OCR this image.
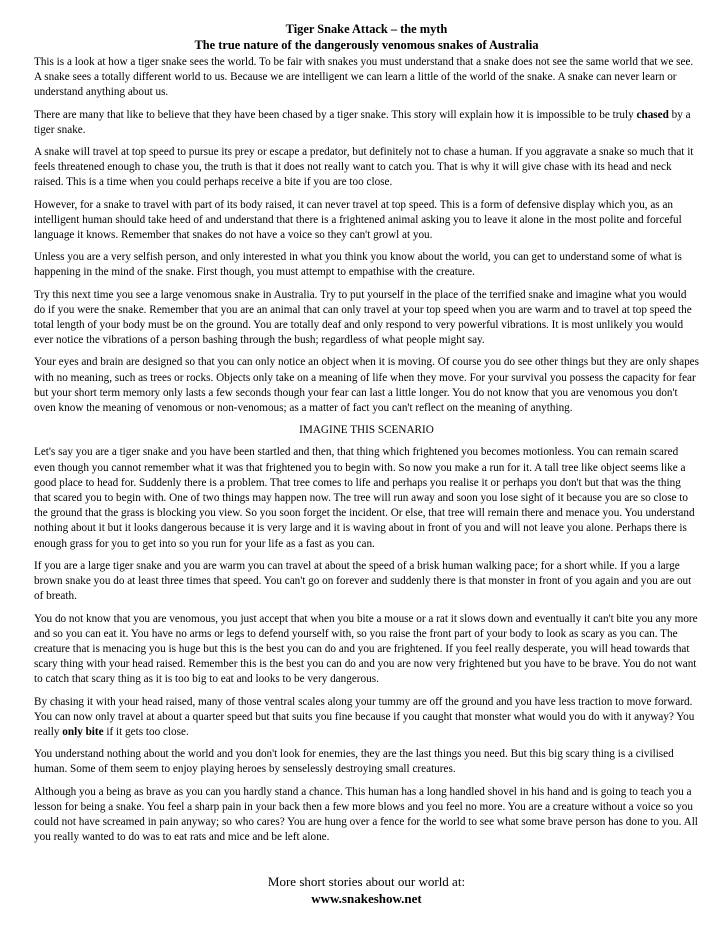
Tiger Snake Attack – the myth
The true nature of the dangerously venomous snakes of Australia

This is a look at how a tiger snake sees the world. To be fair with snakes you must understand that a snake does not see the same world that we see. A snake sees a totally different world to us. Because we are intelligent we can learn a little of the world of the snake. A snake can never learn or understand anything about us.

There are many that like to believe that they have been chased by a tiger snake. This story will explain how it is impossible to be truly chased by a tiger snake.

A snake will travel at top speed to pursue its prey or escape a predator, but definitely not to chase a human. If you aggravate a snake so much that it feels threatened enough to chase you, the truth is that it does not really want to catch you. That is why it will give chase with its head and neck raised. This is a time when you could perhaps receive a bite if you are too close.

However, for a snake to travel with part of its body raised, it can never travel at top speed. This is a form of defensive display which you, as an intelligent human should take heed of and understand that there is a frightened animal asking you to leave it alone in the most polite and forceful language it knows. Remember that snakes do not have a voice so they can't growl at you.

Unless you are a very selfish person, and only interested in what you think you know about the world, you can get to understand some of what is happening in the mind of the snake. First though, you must attempt to empathise with the creature.

Try this next time you see a large venomous snake in Australia. Try to put yourself in the place of the terrified snake and imagine what you would do if you were the snake. Remember that you are an animal that can only travel at your top speed when you are warm and to travel at top speed the total length of your body must be on the ground. You are totally deaf and only respond to very powerful vibrations. It is most unlikely you would ever notice the vibrations of a person bashing through the bush; regardless of what people might say.

Your eyes and brain are designed so that you can only notice an object when it is moving. Of course you do see other things but they are only shapes with no meaning, such as trees or rocks. Objects only take on a meaning of life when they move. For your survival you possess the capacity for fear but your short term memory only lasts a few seconds though your fear can last a little longer. You do not know that you are venomous you don't oven know the meaning of venomous or non-venomous; as a matter of fact you can't reflect on the meaning of anything.

IMAGINE THIS SCENARIO

Let's say you are a tiger snake and you have been startled and then, that thing which frightened you becomes motionless. You can remain scared even though you cannot remember what it was that frightened you to begin with. So now you make a run for it. A tall tree like object seems like a good place to head for. Suddenly there is a problem. That tree comes to life and perhaps you realise it or perhaps you don't but that was the thing that scared you to begin with. One of two things may happen now. The tree will run away and soon you lose sight of it because you are so close to the ground that the grass is blocking you view. So you soon forget the incident. Or else, that tree will remain there and menace you. You understand nothing about it but it looks dangerous because it is very large and it is waving about in front of you and will not leave you alone. Perhaps there is enough grass for you to get into so you run for your life as a fast as you can.

If you are a large tiger snake and you are warm you can travel at about the speed of a brisk human walking pace; for a short while. If you a large brown snake you do at least three times that speed. You can't go on forever and suddenly there is that monster in front of you again and you are out of breath.

You do not know that you are venomous, you just accept that when you bite a mouse or a rat it slows down and eventually it can't bite you any more and so you can eat it. You have no arms or legs to defend yourself with, so you raise the front part of your body to look as scary as you can. The creature that is menacing you is huge but this is the best you can do and you are frightened. If you feel really desperate, you will head towards that scary thing with your head raised. Remember this is the best you can do and you are now very frightened but you have to be brave. You do not want to catch that scary thing as it is too big to eat and looks to be very dangerous.

By chasing it with your head raised, many of those ventral scales along your tummy are off the ground and you have less traction to move forward. You can now only travel at about a quarter speed but that suits you fine because if you caught that monster what would you do with it anyway? You really only bite if it gets too close.

You understand nothing about the world and you don't look for enemies, they are the last things you need. But this big scary thing is a civilised human. Some of them seem to enjoy playing heroes by senselessly destroying small creatures.

Although you a being as brave as you can you hardly stand a chance. This human has a long handled shovel in his hand and is going to teach you a lesson for being a snake. You feel a sharp pain in your back then a few more blows and you feel no more. You are a creature without a voice so you could not have screamed in pain anyway; so who cares? You are hung over a fence for the world to see what some brave person has done to you. All you really wanted to do was to eat rats and mice and be left alone.

More short stories about our world at:
www.snakeshow.net
